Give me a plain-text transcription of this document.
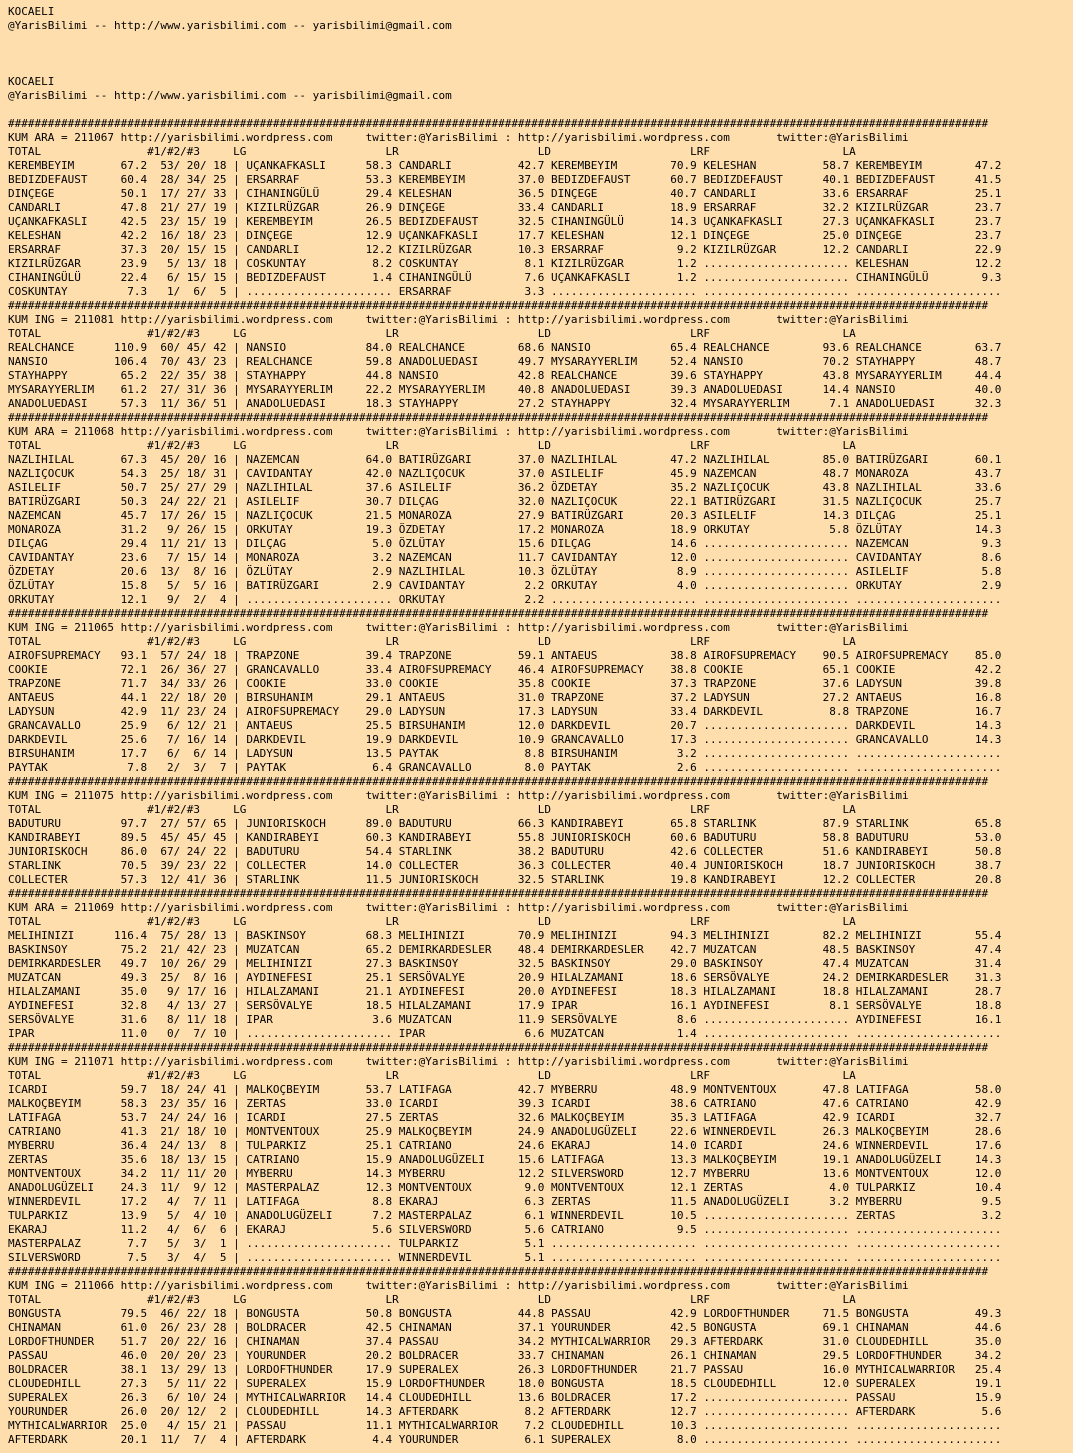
KOCAELI
@YarisBilimi -- http://www.yarisbilimi.com -- yarisbilimi@gmail.com
KOCAELI
@YarisBilimi -- http://www.yarisbilimi.com -- yarisbilimi@gmail.com
####################################################################################################################################################
KUM ARA = 211067 http://yarisbilimi.wordpress.com     twitter:@YarisBilimi : http://yarisbilimi.wordpress.com       twitter:@YarisBilimi
TOTAL                #1/#2/#3     LG                     LR                     LD                     LRF                    LA
KEREMBEYIM       67.2  53/ 20/ 18 | UÇANKAFKASLI      58.3 CANDARLI          42.7 KEREMBEYIM        70.9 KELESHAN          58.7 KEREMBEYIM        47.2
BEDIZDEFAUST     60.4  28/ 34/ 25 | ERSARRAF          53.3 KEREMBEYIM        37.0 BEDIZDEFAUST      60.7 BEDIZDEFAUST      40.1 BEDIZDEFAUST      41.5
DINÇEGE          50.1  17/ 27/ 33 | CIHANINGÜLÜ       29.4 KELESHAN          36.5 DINÇEGE           40.7 CANDARLI          33.6 ERSARRAF          25.1
CANDARLI         47.8  21/ 27/ 19 | KIZILRÜZGAR       26.9 DINÇEGE           33.4 CANDARLI          18.9 ERSARRAF          32.2 KIZILRÜZGAR       23.7
UÇANKAFKASLI     42.5  23/ 15/ 19 | KEREMBEYIM        26.5 BEDIZDEFAUST      32.5 CIHANINGÜLÜ       14.3 UÇANKAFKASLI      27.3 UÇANKAFKASLI      23.7
KELESHAN         42.2  16/ 18/ 23 | DINÇEGE           12.9 UÇANKAFKASLI      17.7 KELESHAN          12.1 DINÇEGE           25.0 DINÇEGE           23.7
ERSARRAF         37.3  20/ 15/ 15 | CANDARLI          12.2 KIZILRÜZGAR       10.3 ERSARRAF           9.2 KIZILRÜZGAR       12.2 CANDARLI          22.9
KIZILRÜZGAR      23.9   5/ 13/ 18 | COSKUNTAY          8.2 COSKUNTAY          8.1 KIZILRÜZGAR        1.2 ...................... KELESHAN          12.2
CIHANINGÜLÜ      22.4   6/ 15/ 15 | BEDIZDEFAUST       1.4 CIHANINGÜLÜ        7.6 UÇANKAFKASLI       1.2 ...................... CIHANINGÜLÜ        9.3
COSKUNTAY         7.3   1/  6/  5 | ...................... ERSARRAF           3.3 ...................... ...................... ......................
####################################################################################################################################################
KUM ING = 211081 http://yarisbilimi.wordpress.com     twitter:@YarisBilimi : http://yarisbilimi.wordpress.com       twitter:@YarisBilimi
TOTAL                #1/#2/#3     LG                     LR                     LD                     LRF                    LA
REALCHANCE      110.9  60/ 45/ 42 | NANSIO            84.0 REALCHANCE        68.6 NANSIO            65.4 REALCHANCE        93.6 REALCHANCE        63.7
NANSIO          106.4  70/ 43/ 23 | REALCHANCE        59.8 ANADOLUEDASI      49.7 MYSARAYYERLIM     52.4 NANSIO            70.2 STAYHAPPY         48.7
STAYHAPPY        65.2  22/ 35/ 38 | STAYHAPPY         44.8 NANSIO            42.8 REALCHANCE        39.6 STAYHAPPY         43.8 MYSARAYYERLIM     44.4
MYSARAYYERLIM    61.2  27/ 31/ 36 | MYSARAYYERLIM     22.2 MYSARAYYERLIM     40.8 ANADOLUEDASI      39.3 ANADOLUEDASI      14.4 NANSIO            40.0
ANADOLUEDASI     57.3  11/ 36/ 51 | ANADOLUEDASI      18.3 STAYHAPPY         27.2 STAYHAPPY         32.4 MYSARAYYERLIM      7.1 ANADOLUEDASI      32.3
####################################################################################################################################################
KUM ARA = 211068 http://yarisbilimi.wordpress.com     twitter:@YarisBilimi : http://yarisbilimi.wordpress.com       twitter:@YarisBilimi
TOTAL                #1/#2/#3     LG                     LR                     LD                     LRF                    LA
NAZLIHILAL       67.3  45/ 20/ 16 | NAZEMCAN          64.0 BATIRÜZGARI       37.0 NAZLIHILAL        47.2 NAZLIHILAL        85.0 BATIRÜZGARI       60.1
NAZLIÇOCUK       54.3  25/ 18/ 31 | CAVIDANTAY        42.0 NAZLIÇOCUK        37.0 ASILELIF          45.9 NAZEMCAN          48.7 MONAROZA          43.7
ASILELIF         50.7  25/ 27/ 29 | NAZLIHILAL        37.6 ASILELIF          36.2 ÖZDETAY           35.2 NAZLIÇOCUK        43.8 NAZLIHILAL        33.6
BATIRÜZGARI      50.3  24/ 22/ 21 | ASILELIF          30.7 DILÇAG            32.0 NAZLIÇOCUK        22.1 BATIRÜZGARI       31.5 NAZLIÇOCUK        25.7
NAZEMCAN         45.7  17/ 26/ 15 | NAZLIÇOCUK        21.5 MONAROZA          27.9 BATIRÜZGARI       20.3 ASILELIF          14.3 DILÇAG            25.1
MONAROZA         31.2   9/ 26/ 15 | ORKUTAY           19.3 ÖZDETAY           17.2 MONAROZA          18.9 ORKUTAY            5.8 ÖZLÜTAY           14.3
DILÇAG           29.4  11/ 21/ 13 | DILÇAG             5.0 ÖZLÜTAY           15.6 DILÇAG            14.6 ...................... NAZEMCAN           9.3
CAVIDANTAY       23.6   7/ 15/ 14 | MONAROZA           3.2 NAZEMCAN          11.7 CAVIDANTAY        12.0 ...................... CAVIDANTAY         8.6
ÖZDETAY          20.6  13/  8/ 16 | ÖZLÜTAY            2.9 NAZLIHILAL        10.3 ÖZLÜTAY            8.9 ...................... ASILELIF           5.8
ÖZLÜTAY          15.8   5/  5/ 16 | BATIRÜZGARI        2.9 CAVIDANTAY         2.2 ORKUTAY            4.0 ...................... ORKUTAY            2.9
ORKUTAY          12.1   9/  2/  4 | ...................... ORKUTAY            2.2 ...................... ...................... ......................
####################################################################################################################################################
KUM ING = 211065 http://yarisbilimi.wordpress.com     twitter:@YarisBilimi : http://yarisbilimi.wordpress.com       twitter:@YarisBilimi
TOTAL                #1/#2/#3     LG                     LR                     LD                     LRF                    LA
AIROFSUPREMACY   93.1  57/ 24/ 18 | TRAPZONE          39.4 TRAPZONE          59.1 ANTAEUS           38.8 AIROFSUPREMACY    90.5 AIROFSUPREMACY    85.0
COOKIE           72.1  26/ 36/ 27 | GRANCAVALLO       33.4 AIROFSUPREMACY    46.4 AIROFSUPREMACY    38.8 COOKIE            65.1 COOKIE            42.2
TRAPZONE         71.7  34/ 33/ 26 | COOKIE            33.0 COOKIE            35.8 COOKIE            37.3 TRAPZONE          37.6 LADYSUN           39.8
ANTAEUS          44.1  22/ 18/ 20 | BIRSUHANIM        29.1 ANTAEUS           31.0 TRAPZONE          37.2 LADYSUN           27.2 ANTAEUS           16.8
LADYSUN          42.9  11/ 23/ 24 | AIROFSUPREMACY    29.0 LADYSUN           17.3 LADYSUN           33.4 DARKDEVIL          8.8 TRAPZONE          16.7
GRANCAVALLO      25.9   6/ 12/ 21 | ANTAEUS           25.5 BIRSUHANIM        12.0 DARKDEVIL         20.7 ...................... DARKDEVIL         14.3
DARKDEVIL        25.6   7/ 16/ 14 | DARKDEVIL         19.9 DARKDEVIL         10.9 GRANCAVALLO       17.3 ...................... GRANCAVALLO       14.3
BIRSUHANIM       17.7   6/  6/ 14 | LADYSUN           13.5 PAYTAK             8.8 BIRSUHANIM         3.2 ...................... ......................
PAYTAK            7.8   2/  3/  7 | PAYTAK             6.4 GRANCAVALLO        8.0 PAYTAK             2.6 ...................... ......................
####################################################################################################################################################
KUM ING = 211075 http://yarisbilimi.wordpress.com     twitter:@YarisBilimi : http://yarisbilimi.wordpress.com       twitter:@YarisBilimi
TOTAL                #1/#2/#3     LG                     LR                     LD                     LRF                    LA
BADUTURU         97.7  27/ 57/ 65 | JUNIORISKOCH      89.0 BADUTURU          66.3 KANDIRABEYI       65.8 STARLINK          87.9 STARLINK          65.8
KANDIRABEYI      89.5  45/ 45/ 45 | KANDIRABEYI       60.3 KANDIRABEYI       55.8 JUNIORISKOCH      60.6 BADUTURU          58.8 BADUTURU          53.0
JUNIORISKOCH     86.0  67/ 24/ 22 | BADUTURU          54.4 STARLINK          38.2 BADUTURU          42.6 COLLECTER         51.6 KANDIRABEYI       50.8
STARLINK         70.5  39/ 23/ 22 | COLLECTER         14.0 COLLECTER         36.3 COLLECTER         40.4 JUNIORISKOCH      18.7 JUNIORISKOCH      38.7
COLLECTER        57.3  12/ 41/ 36 | STARLINK          11.5 JUNIORISKOCH      32.5 STARLINK          19.8 KANDIRABEYI       12.2 COLLECTER         20.8
####################################################################################################################################################
KUM ARA = 211069 http://yarisbilimi.wordpress.com     twitter:@YarisBilimi : http://yarisbilimi.wordpress.com       twitter:@YarisBilimi
TOTAL                #1/#2/#3     LG                     LR                     LD                     LRF                    LA
MELIHINIZI      116.4  75/ 28/ 13 | BASKINSOY         68.3 MELIHINIZI        70.9 MELIHINIZI        94.3 MELIHINIZI        82.2 MELIHINIZI        55.4
BASKINSOY        75.2  21/ 42/ 23 | MUZATCAN          65.2 DEMIRKARDESLER    48.4 DEMIRKARDESLER    42.7 MUZATCAN          48.5 BASKINSOY         47.4
DEMIRKARDESLER   49.7  10/ 26/ 29 | MELIHINIZI        27.3 BASKINSOY         32.5 BASKINSOY         29.0 BASKINSOY         47.4 MUZATCAN          31.4
MUZATCAN         49.3  25/  8/ 16 | AYDINEFESI        25.1 SERSÖVALYE        20.9 HILALZAMANI       18.6 SERSÖVALYE        24.2 DEMIRKARDESLER    31.3
HILALZAMANI      35.0   9/ 17/ 16 | HILALZAMANI       21.1 AYDINEFESI        20.0 AYDINEFESI        18.3 HILALZAMANI       18.8 HILALZAMANI       28.7
AYDINEFESI       32.8   4/ 13/ 27 | SERSÖVALYE        18.5 HILALZAMANI       17.9 IPAR              16.1 AYDINEFESI         8.1 SERSÖVALYE        18.8
SERSÖVALYE       31.6   8/ 11/ 18 | IPAR               3.6 MUZATCAN          11.9 SERSÖVALYE         8.6 ...................... AYDINEFESI        16.1
IPAR             11.0   0/  7/ 10 | ...................... IPAR               6.6 MUZATCAN           1.4 ...................... ......................
####################################################################################################################################################
KUM ING = 211071 http://yarisbilimi.wordpress.com     twitter:@YarisBilimi : http://yarisbilimi.wordpress.com       twitter:@YarisBilimi
TOTAL                #1/#2/#3     LG                     LR                     LD                     LRF                    LA
ICARDI           59.7  18/ 24/ 41 | MALKOÇBEYIM       53.7 LATIFAGA          42.7 MYBERRU           48.9 MONTVENTOUX       47.8 LATIFAGA          58.0
MALKOÇBEYIM      58.3  23/ 35/ 16 | ZERTAS            33.0 ICARDI            39.3 ICARDI            38.6 CATRIANO          47.6 CATRIANO          42.9
LATIFAGA         53.7  24/ 24/ 16 | ICARDI            27.5 ZERTAS            32.6 MALKOÇBEYIM       35.3 LATIFAGA          42.9 ICARDI            32.7
CATRIANO         41.3  21/ 18/ 10 | MONTVENTOUX       25.9 MALKOÇBEYIM       24.9 ANADOLUGÜZELI     22.6 WINNERDEVIL       26.3 MALKOÇBEYIM       28.6
MYBERRU          36.4  24/ 13/  8 | TULPARKIZ         25.1 CATRIANO          24.6 EKARAJ            14.0 ICARDI            24.6 WINNERDEVIL       17.6
ZERTAS           35.6  18/ 13/ 15 | CATRIANO          15.9 ANADOLUGÜZELI     15.6 LATIFAGA          13.3 MALKOÇBEYIM       19.1 ANADOLUGÜZELI     14.3
MONTVENTOUX      34.2  11/ 11/ 20 | MYBERRU           14.3 MYBERRU           12.2 SILVERSWORD       12.7 MYBERRU           13.6 MONTVENTOUX       12.0
ANADOLUGÜZELI    24.3  11/  9/ 12 | MASTERPALAZ       12.3 MONTVENTOUX        9.0 MONTVENTOUX       12.1 ZERTAS             4.0 TULPARKIZ         10.4
WINNERDEVIL      17.2   4/  7/ 11 | LATIFAGA           8.8 EKARAJ             6.3 ZERTAS            11.5 ANADOLUGÜZELI      3.2 MYBERRU            9.5
TULPARKIZ        13.9   5/  4/ 10 | ANADOLUGÜZELI      7.2 MASTERPALAZ        6.1 WINNERDEVIL       10.5 ...................... ZERTAS             3.2
EKARAJ           11.2   4/  6/  6 | EKARAJ             5.6 SILVERSWORD        5.6 CATRIANO           9.5 ...................... ......................
MASTERPALAZ       7.7   5/  3/  1 | ...................... TULPARKIZ          5.1 ...................... ...................... ......................
SILVERSWORD       7.5   3/  4/  5 | ...................... WINNERDEVIL        5.1 ...................... ...................... ......................
####################################################################################################################################################
KUM ING = 211066 http://yarisbilimi.wordpress.com     twitter:@YarisBilimi : http://yarisbilimi.wordpress.com       twitter:@YarisBilimi
TOTAL                #1/#2/#3     LG                     LR                     LD                     LRF                    LA
BONGUSTA         79.5  46/ 22/ 18 | BONGUSTA          50.8 BONGUSTA          44.8 PASSAU            42.9 LORDOFTHUNDER     71.5 BONGUSTA          49.3
CHINAMAN         61.0  26/ 23/ 28 | BOLDRACER         42.5 CHINAMAN          37.1 YOURUNDER         42.5 BONGUSTA          69.1 CHINAMAN          44.6
LORDOFTHUNDER    51.7  20/ 22/ 16 | CHINAMAN          37.4 PASSAU            34.2 MYTHICALWARRIOR   29.3 AFTERDARK         31.0 CLOUDEDHILL       35.0
PASSAU           46.0  20/ 20/ 23 | YOURUNDER         20.2 BOLDRACER         33.7 CHINAMAN          26.1 CHINAMAN          29.5 LORDOFTHUNDER     34.2
BOLDRACER        38.1  13/ 29/ 13 | LORDOFTHUNDER     17.9 SUPERALEX         26.3 LORDOFTHUNDER     21.7 PASSAU            16.0 MYTHICALWARRIOR   25.4
CLOUDEDHILL      27.3   5/ 11/ 22 | SUPERALEX         15.9 LORDOFTHUNDER     18.0 BONGUSTA          18.5 CLOUDEDHILL       12.0 SUPERALEX         19.1
SUPERALEX        26.3   6/ 10/ 24 | MYTHICALWARRIOR   14.4 CLOUDEDHILL       13.6 BOLDRACER         17.2 ...................... PASSAU            15.9
YOURUNDER        26.0  20/ 12/  2 | CLOUDEDHILL       14.3 AFTERDARK          8.2 AFTERDARK         12.7 ...................... AFTERDARK          5.6
MYTHICALWARRIOR  25.0   4/ 15/ 21 | PASSAU            11.1 MYTHICALWARRIOR    7.2 CLOUDEDHILL       10.3 ...................... ......................
AFTERDARK        20.1  11/  7/  4 | AFTERDARK          4.4 YOURUNDER          6.1 SUPERALEX          8.0 ...................... ......................
